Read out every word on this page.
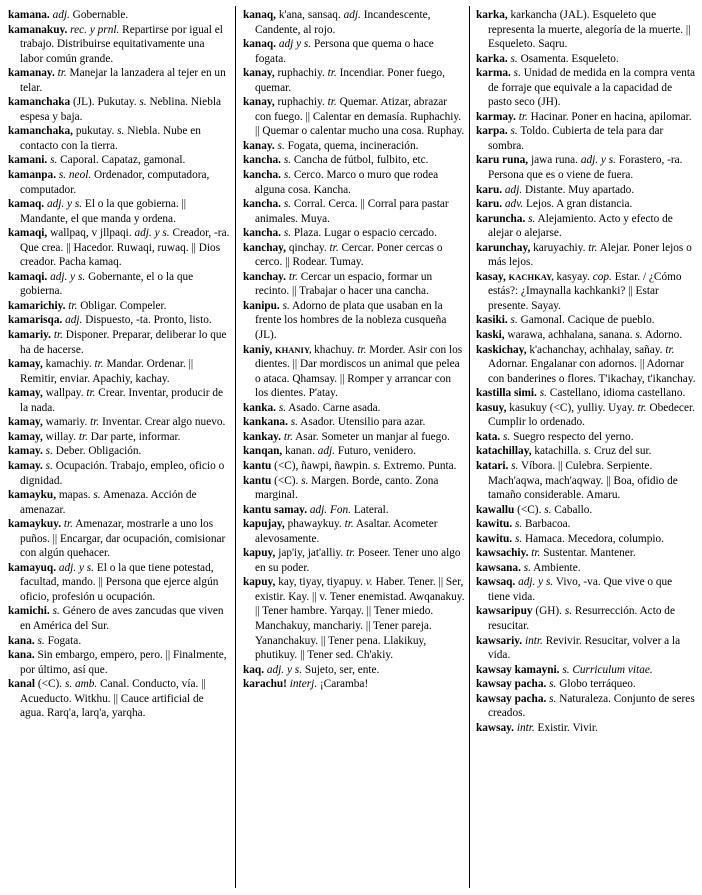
kamana. adj. Gobernable.

kamanakuy. rec. y prnl. Repartirse por igual el trabajo. Distribuirse equitativamente una labor común grande.

kamanay. tr. Manejar la lanzadera al tejer en un telar.

kamanchaka (JL). Pukutay. s. Neblina. Niebla espesa y baja.

kamanchaka, pukutay. s. Niebla. Nube en contacto con la tierra.

kamani. s. Caporal. Capataz, gamonal.

kamanpa. s. neol. Ordenador, computadora, computador.

kamaq. adj. y s. El o la que gobierna. || Mandante, el que manda y ordena.

kamaqi, wallpaq, v jllpaqi. adj. y s. Creador, -ra. Que crea. || Hacedor. Ruwaqi, ruwaq. || Dios creador. Pacha kamaq.

kamaqi. adj. y s. Gobernante, el o la que gobierna.

kamarichiy. tr. Obligar. Compeler.

kamarisqa. adj. Dispuesto, -ta. Pronto, listo.

kamariy. tr. Disponer. Preparar, deliberar lo que ha de hacerse.

kamay, kamachiy. tr. Mandar. Ordenar. || Remitir, enviar. Apachiy, kachay.

kamay, wallpay. tr. Crear. Inventar, producir de la nada.

kamay, wamariy. tr. Inventar. Crear algo nuevo.

kamay, willay. tr. Dar parte, informar.

kamay. s. Deber. Obligación.

kamay. s. Ocupación. Trabajo, empleo, oficio o dignidad.

kamayku, mapas. s. Amenaza. Acción de amenazar.

kamaykuy. tr. Amenazar, mostrarle a uno los puños. || Encargar, dar ocupación, comisionar con algún quehacer.

kamayuq. adj. y s. El o la que tiene potestad, facultad, mando. || Persona que ejerce algún oficio, profesión u ocupación.

kamichi. s. Género de aves zancudas que viven en América del Sur.

kana. s. Fogata.

kana. Sin embargo, empero, pero. || Finalmente, por último, así que.

kanal (<C). s. amb. Canal. Conducto, vía. || Acueducto. Witkhu. || Cauce artificial de agua. Rarq'a, larq'a, yarqha.

kanaq, k'ana, sansaq. adj. Incandescente, Candente, al rojo.

kanaq. adj y s. Persona que quema o hace fogata.

kanay, ruphachiy. tr. Incendiar. Poner fuego, quemar.

kanay, ruphachiy. tr. Quemar. Atizar, abrazar con fuego. || Calentar en demasía. Ruphachiy. || Quemar o calentar mucho una cosa. Ruphay.

kanay. s. Fogata, quema, incineración.

kancha. s. Cancha de fútbol, fulbito, etc.

kancha. s. Cerco. Marco o muro que rodea alguna cosa. Kancha.

kancha. s. Corral. Cerca. || Corral para pastar animales. Muya.

kancha. s. Plaza. Lugar o espacio cercado.

kanchay, qinchay. tr. Cercar. Poner cercas o cerco. || Rodear. Tumay.

kanchay. tr. Cercar un espacio, formar un recinto. || Trabajar o hacer una cancha.

kanipu. s. Adorno de plata que usaban en la frente los hombres de la nobleza cusqueña (JL).

kaniy, KHANIY, khachuy. tr. Morder. Asir con los dientes. || Dar mordiscos un animal que pelea o ataca. Qhamsay. || Romper y arrancar con los dientes. P'atay.

kanka. s. Asado. Carne asada.

kankana. s. Asador. Utensilio para azar.

kankay. tr. Asar. Someter un manjar al fuego.

kanqan, kanan. adj. Futuro, venidero.

kantu (<C), ñawpi, ñawpin. s. Extremo. Punta.

kantu (<C). s. Margen. Borde, canto. Zona marginal.

kantu samay. adj. Fon. Lateral.

kapujay, phawaykuy. tr. Asaltar. Acometer alevosamente.

kapuy, jap'iy, jat'alliy. tr. Poseer. Tener uno algo en su poder.

kapuy, kay, tiyay, tiyapuy. v. Haber. Tener. || Ser, existir. Kay. || v. Tener enemistad. Awqanakuy. || Tener hambre. Yarqay. || Tener miedo. Manchakuy, manchariy. || Tener pareja. Yananchakuy. || Tener pena. Llakikuy, phutikuy. || Tener sed. Ch'akiy.

kaq. adj. y s. Sujeto, ser, ente.

karachu! interj. ¡Caramba!

karka, karkancha (JAL). Esqueleto que representa la muerte, alegoría de la muerte. || Esqueleto. Saqru.

karka. s. Osamenta. Esqueleto.

karma. s. Unidad de medida en la compra venta de forraje que equivale a la capacidad de pasto seco (JH).

karmay. tr. Hacinar. Poner en hacina, apilomar.

karpa. s. Toldo. Cubierta de tela para dar sombra.

karu runa, jawa runa. adj. y s. Forastero, -ra. Persona que es o viene de fuera.

karu. adj. Distante. Muy apartado.

karu. adv. Lejos. A gran distancia.

karuncha. s. Alejamiento. Acto y efecto de alejar o alejarse.

karunchay, karuyachiy. tr. Alejar. Poner lejos o más lejos.

kasay, KACHKAY, kasyay. cop. Estar. / ¿Cómo estás?: ¿Imaynalla kachkanki? || Estar presente. Sayay.

kasiki. s. Gamonal. Cacique de pueblo.

kaski, warawa, achhalana, sanana. s. Adorno.

kaskichay, k'achanchay, achhalay, sañay. tr. Adornar. Engalanar con adornos. || Adornar con banderines o flores. T'ikachay, t'ikanchay.

kastilla simi. s. Castellano, idioma castellano.

kasuy, kasukuy (<C), yulliy. Uyay. tr. Obedecer. Cumplir lo ordenado.

kata. s. Suegro respecto del yerno.

katachillay, katachilla. s. Cruz del sur.

katari. s. Víbora. || Culebra. Serpiente. Mach'aqwa, mach'aqway. || Boa, ofidio de tamaño considerable. Amaru.

kawallu (<C). s. Caballo.

kawitu. s. Barbacoa.

kawitu. s. Hamaca. Mecedora, columpio.

kawsachiy. tr. Sustentar. Mantener.

kawsana. s. Ambiente.

kawsaq. adj. y s. Vivo, -va. Que vive o que tiene vida.

kawsaripuy (GH). s. Resurrección. Acto de resucitar.

kawsariy. intr. Revivir. Resucitar, volver a la vida.

kawsay kamayni. s. Curriculum vitae.

kawsay pacha. s. Globo terráqueo.

kawsay pacha. s. Naturaleza. Conjunto de seres creados.

kawsay. intr. Existir. Vivir.
